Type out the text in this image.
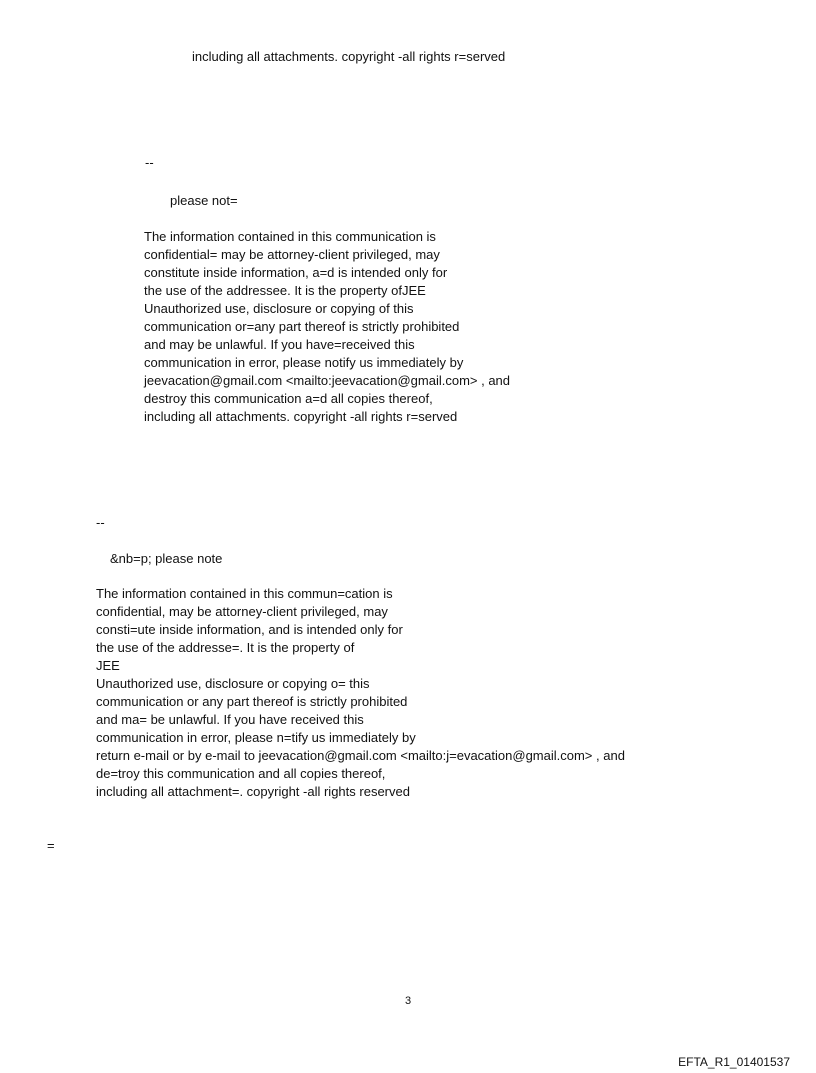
including all attachments. copyright -all rights r=served
--
please not=
The information contained in this communication is
confidential= may be attorney-client privileged, may
constitute inside information, a=d is intended only for
the use of the addressee. It is the property ofJEE
Unauthorized use, disclosure or copying of this
communication or=any part thereof is strictly prohibited
and may be unlawful. If you have=received this
communication in error, please notify us immediately by
jeevacation@gmail.com <mailto:jeevacation@gmail.com> , and
destroy this communication a=d all copies thereof,
including all attachments. copyright -all rights r=served
--
&nb=p; please note
The information contained in this commun=cation is
confidential, may be attorney-client privileged, may
consti=ute inside information, and is intended only for
the use of the addresse=. It is the property of
JEE
Unauthorized use, disclosure or copying o= this
communication or any part thereof is strictly prohibited
and ma= be unlawful. If you have received this
communication in error, please n=tify us immediately by
return e-mail or by e-mail to jeevacation@gmail.com <mailto:j=evacation@gmail.com> , and
de=troy this communication and all copies thereof,
including all attachment=. copyright -all rights reserved
=
3
EFTA_R1_01401537
